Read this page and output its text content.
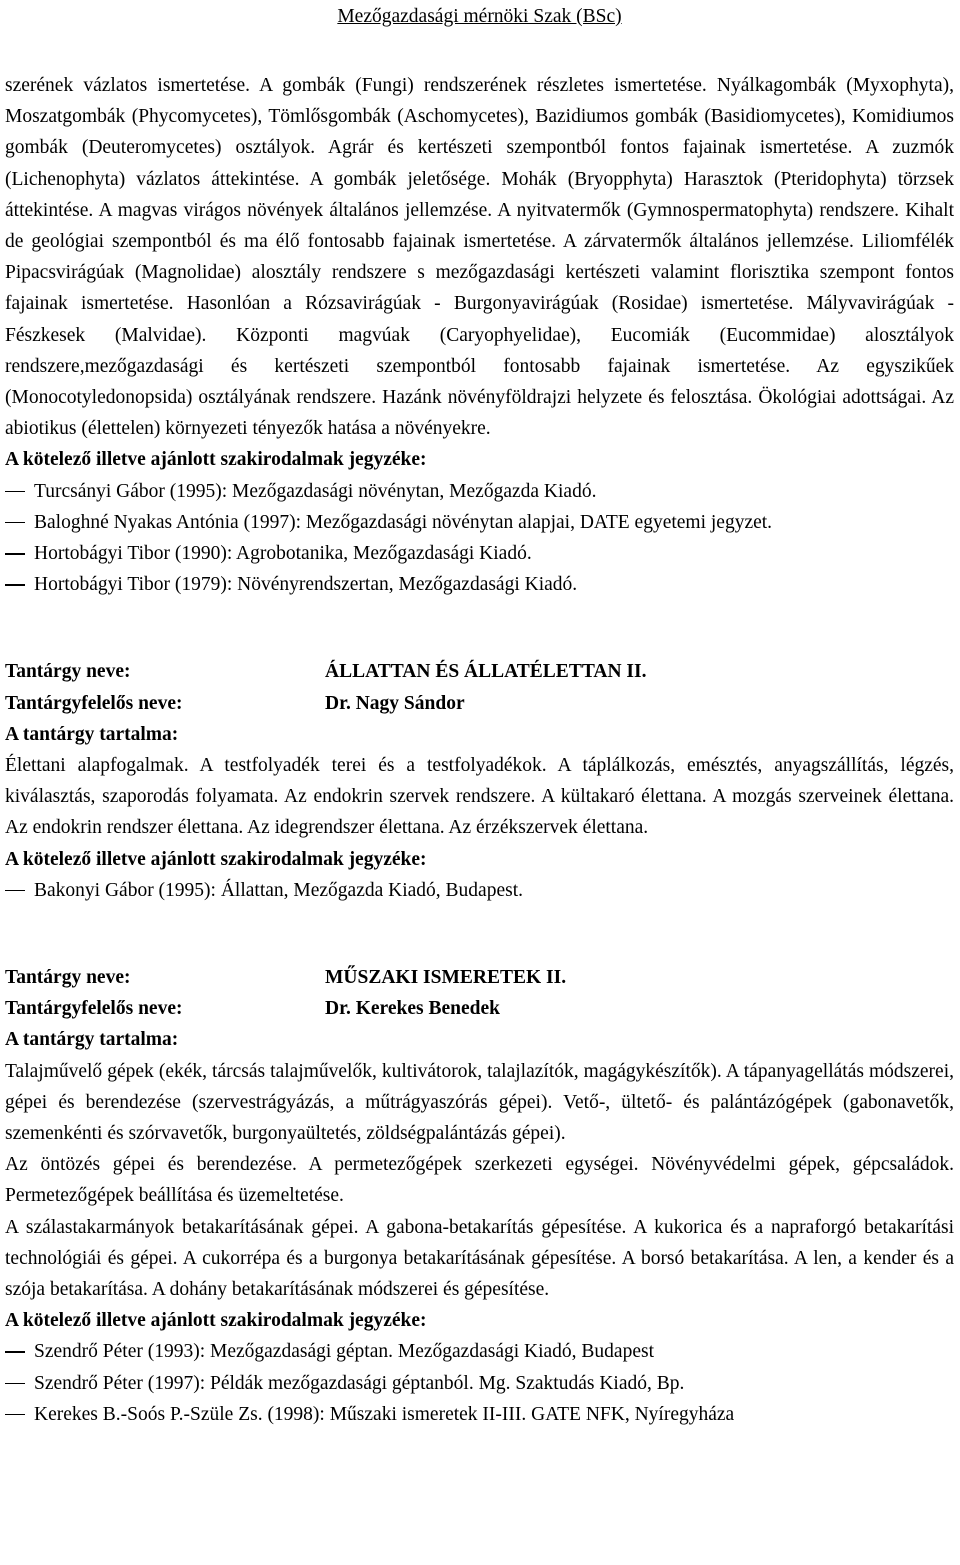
Mezőgazdasági mérnöki Szak (BSc)

szerének vázlatos ismertetése. A gombák (Fungi) rendszerének részletes ismertetése. Nyálkagombák (Myxophyta), Moszatgombák (Phycomycetes), Tömlősgombák (Aschomycetes), Bazidiumos gombák (Basidiomycetes), Komidiumos gombák (Deuteromycetes) osztályok. Agrár és kertészeti szempontból fontos fajainak ismertetése. A zuzmók (Lichenophyta) vázlatos áttekintése. A gombák jeletősége. Mohák (Bryopphyta) Harasztok (Pteridophyta) törzsek áttekintése. A magvas virágos növények általános jellemzése. A nyitvatermők (Gymnospermatophyta) rendszere. Kihalt de geológiai szempontból és ma élő fontosabb fajainak ismertetése. A zárvatermők általános jellemzése. Liliomfélék Pipacsvirágúak (Magnolidae) alosztály rendszere s mezőgazdasági kertészeti valamint florisztika szempont fontos fajainak ismertetése. Hasonlóan a Rózsavirágúak - Burgonyavirágúak (Rosidae) ismertetése. Mályvavirágúak - Fészkesek (Malvidae). Központi magvúak (Caryophyelidae), Eucomiák (Eucommidae) alosztályok rendszere,mezőgazdasági és kertészeti szempontból fontosabb fajainak ismertetése. Az egyszikűek (Monocotyledonopsida) osztályának rendszere. Hazánk növényföldrajzi helyzete és felosztása. Ökológiai adottságai. Az abiotikus (élettelen) környezeti tényezők hatása a növényekre.

A kötelező illetve ajánlott szakirodalmak jegyzéke:

Turcsányi Gábor (1995): Mezőgazdasági növénytan, Mezőgazda Kiadó.
Baloghné Nyakas Antónia (1997): Mezőgazdasági növénytan alapjai, DATE egyetemi jegyzet.
Hortobágyi Tibor (1990): Agrobotanika, Mezőgazdasági Kiadó.
Hortobágyi Tibor (1979): Növényrendszertan, Mezőgazdasági Kiadó.
Tantárgy neve:	ÁLLATTAN ÉS ÁLLATÉLETTAN II.
Tantárgyfelelős neve:	Dr. Nagy Sándor
A tantárgy tartalma:

Élettani alapfogalmak. A testfolyadék terei és a testfolyadékok. A táplálkozás, emésztés, anyagszállítás, légzés, kiválasztás, szaporodás folyamata. Az endokrin szervek rendszere. A kültakaró élettana. A mozgás szerveinek élettana. Az endokrin rendszer élettana. Az idegrendszer élettana. Az érzékszervek élettana.

A kötelező illetve ajánlott szakirodalmak jegyzéke:

Bakonyi Gábor (1995): Állattan, Mezőgazda Kiadó, Budapest.
Tantárgy neve:	MŰSZAKI ISMERETEK II.
Tantárgyfelelős neve:	Dr. Kerekes Benedek
A tantárgy tartalma:

Talajművelő gépek (ekék, tárcsás talajművelők, kultivátorok, talajlazítók, magágykészítők). A tápanyagellátás módszerei, gépei és berendezése (szervestrágyázás, a műtrágyaszórás gépei). Vető-, ültető- és palántázógépek (gabonavetők, szemenkénti és szórvavetők, burgonyaültetés, zöldségpalántázás gépei).

Az öntözés gépei és berendezése. A permetezőgépek szerkezeti egységei. Növényvédelmi gépek, gépcsaládok. Permetezőgépek beállítása és üzemeltetése.

A szálastakarmányok betakarításának gépei. A gabona-betakarítás gépesítése. A kukorica és a napraforgó betakarítási technológiái és gépei. A cukorrépa és a burgonya betakarításának gépesítése. A borsó betakarítása. A len, a kender és a szója betakarítása. A dohány betakarításának módszerei és gépesítése.

A kötelező illetve ajánlott szakirodalmak jegyzéke:

Szendrő Péter (1993): Mezőgazdasági géptan. Mezőgazdasági Kiadó, Budapest
Szendrő Péter (1997): Példák mezőgazdasági géptanból. Mg. Szaktudás Kiadó, Bp.
Kerekes B.-Soós P.-Szüle Zs. (1998): Műszaki ismeretek II-III. GATE NFK, Nyíregyháza
